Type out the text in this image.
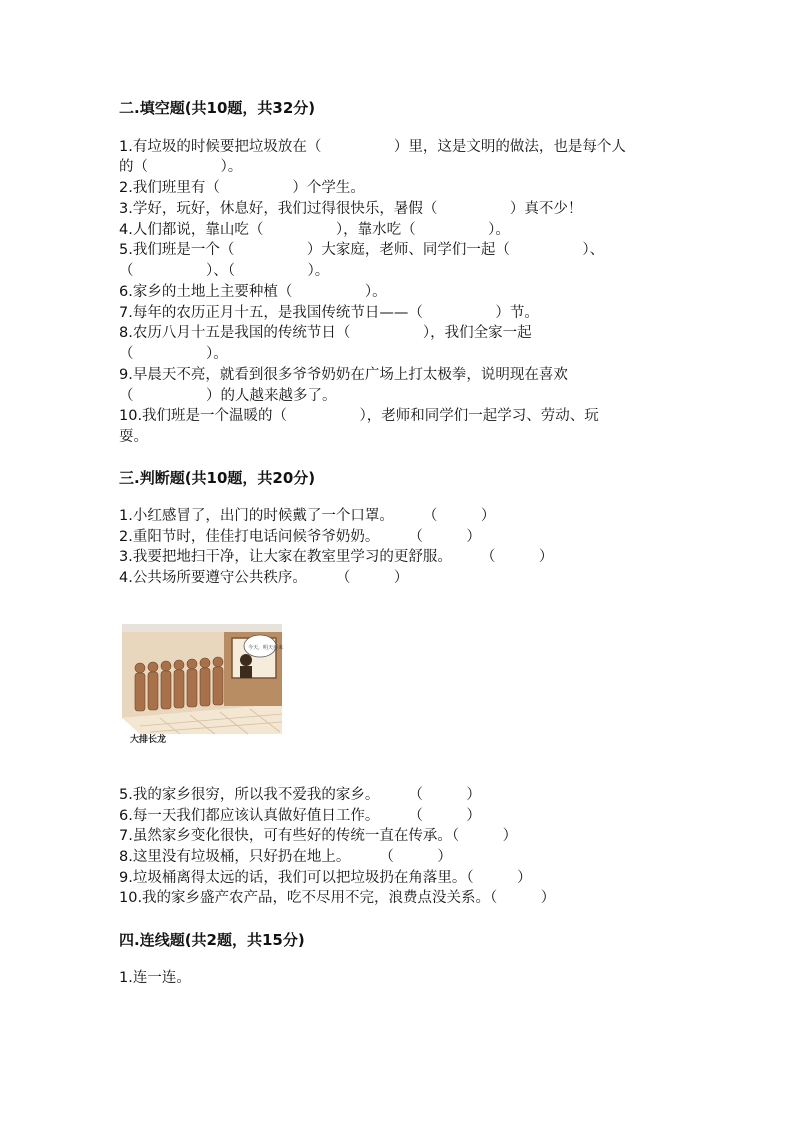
二.填空题(共10题，共32分)
1.有垃圾的时候要把垃圾放在（　　　　　）里，这是文明的做法，也是每个人
的（　　　　　）。
2.我们班里有（　　　　　）个学生。
3.学好，玩好，休息好，我们过得很快乐，暑假（　　　　　）真不少！
4.人们都说，靠山吃（　　　　　），靠水吃（　　　　　）。
5.我们班是一个（　　　　　）大家庭，老师、同学们一起（　　　　　）、
（　　　　　）、（　　　　　）。
6.家乡的土地上主要种植（　　　　　）。
7.每年的农历正月十五，是我国传统节日——（　　　　　）节。
8.农历八月十五是我国的传统节日（　　　　　），我们全家一起
（　　　　　）。
9.早晨天不亮，就看到很多爷爷奶奶在广场上打太极拳，说明现在喜欢
（　　　　　）的人越来越多了。
10.我们班是一个温暖的（　　　　　），老师和同学们一起学习、劳动、玩
耍。
三.判断题(共10题，共20分)
1.小红感冒了，出门的时候戴了一个口罩。　　　（　　　）
2.重阳节时，佳佳打电话问候爷爷奶奶。　　　（　　　）
3.我要把地扫干净，让大家在教室里学习的更舒服。　　　（　　　）
4.公共场所要遵守公共秩序。　　　（　　　）
5.我的家乡很穷，所以我不爱我的家乡。　　　（　　　）
6.每一天我们都应该认真做好值日工作。　　　（　　　）
7.虽然家乡变化很快，可有些好的传统一直在传承。（　　　）
8.这里没有垃圾桶，只好扔在地上。　　　（　　　）
9.垃圾桶离得太远的话，我们可以把垃圾扔在角落里。（　　　）
10.我的家乡盛产农产品，吃不尽用不完，浪费点没关系。（　　　）
四.连线题(共2题，共15分)
1.连一连。
大排长龙
今天，明天再来
